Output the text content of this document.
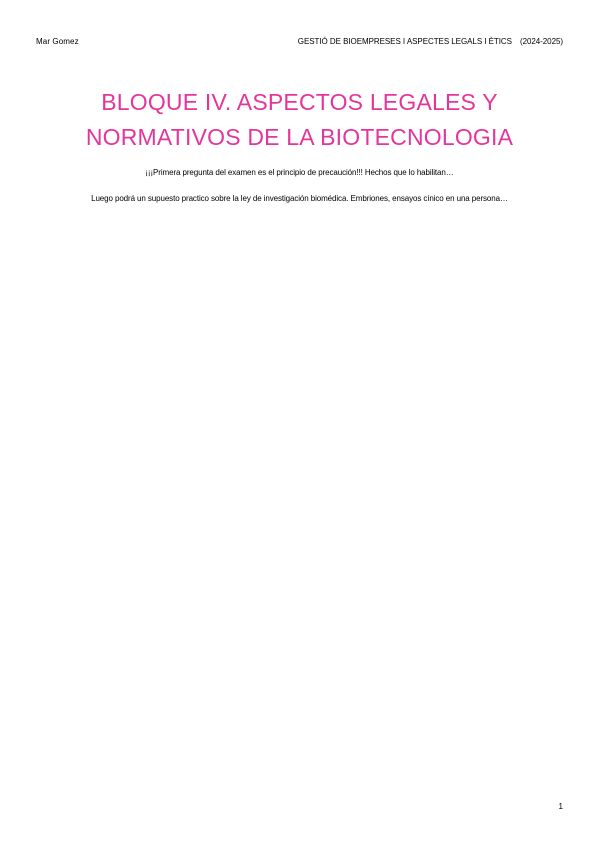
Mar Gomez	GESTIÓ DE BIOEMPRESES I ASPECTES LEGALS I ÈTICS (2024-2025)
BLOQUE IV. ASPECTOS LEGALES Y
NORMATIVOS DE LA BIOTECNOLOGIA
¡¡¡Primera pregunta del examen es el principio de precaución!!! Hechos que lo habilitan…
Luego podrá un supuesto practico sobre la ley de investigación biomédica. Embriones, ensayos cínico en una persona…
1
